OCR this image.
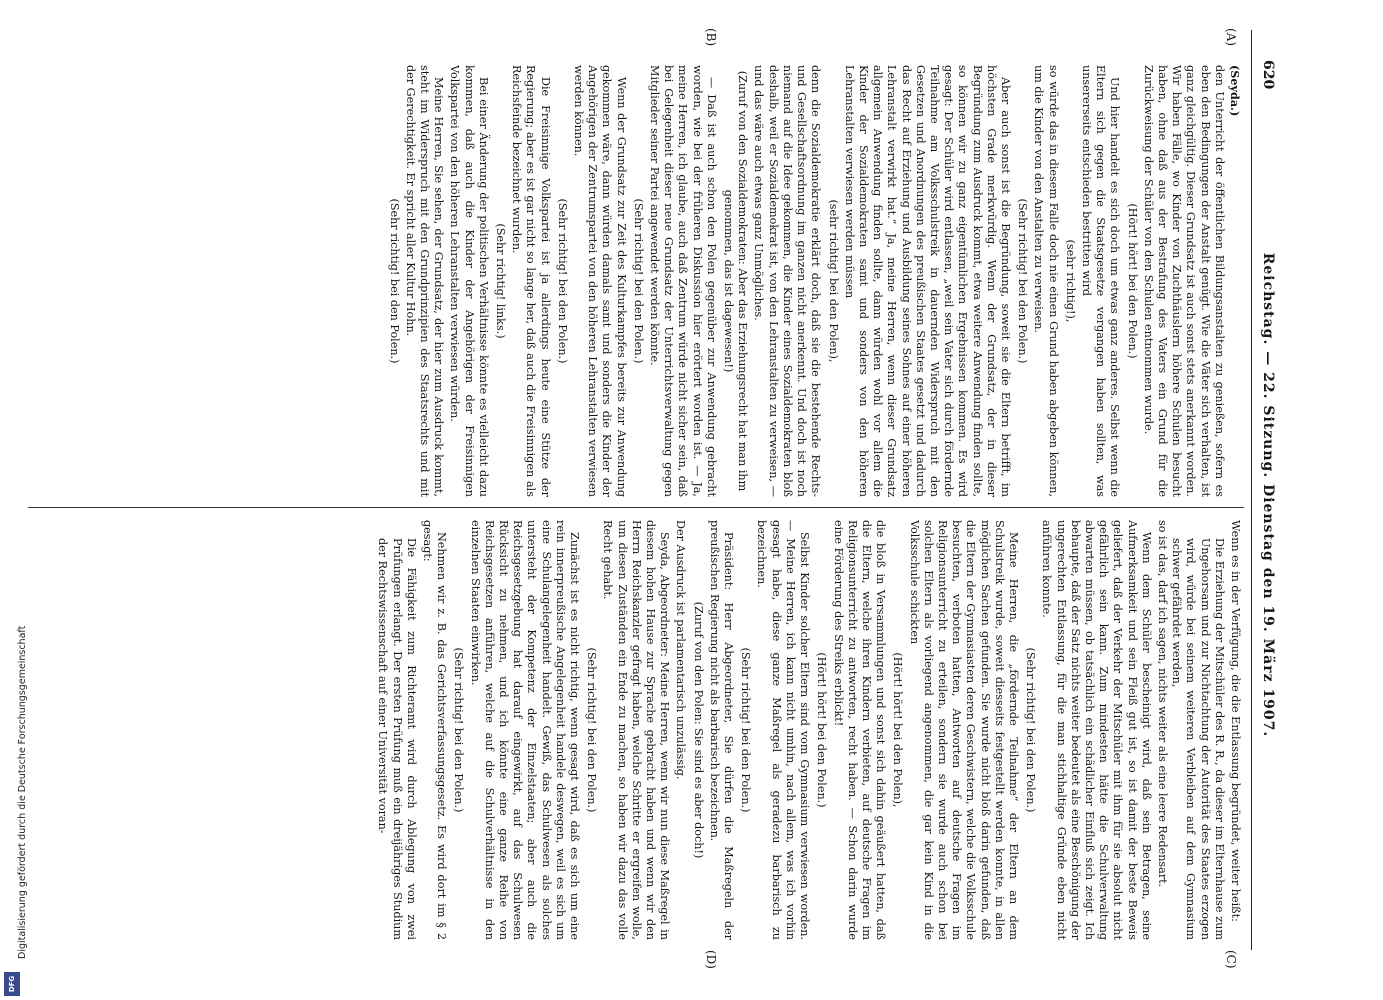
Digitalisierung gefördert durch die Deutsche Forschungsgemeinschaft
DFG
620
Reichstag. — 22. Sitzung. Dienstag den 19. März 1907.
(A)
(B)
(C)
(D)

(Seyda.)

den Unterricht der öffentlichen Bildungsanstalten zu genießen, sofern es eben den Bedingungen der Anstalt genügt. Wie die Väter sich verhalten, ist ganz gleichgültig. Dieser Grundsatz ist auch sonst stets anerkannt worden. Wir haben Fälle, wo Kinder von Zuchthäuslern höhere Schulen besucht haben, ohne daß aus der Bestrafung des Vaters ein Grund für die Zurückweisung der Schüler von den Schulen entnommen wurde.

(Hört! hört! bei den Polen.)

Und hier handelt es sich doch um etwas ganz anderes. Selbst wenn die Eltern sich gegen die Staatsgesetze vergangen haben sollten, was unsererseits entschieden bestritten wird

(sehr richtig!),

so würde das in diesem Falle doch nie einen Grund haben abgeben können, um die Kinder von den Anstalten zu verweisen.

(Sehr richtig! bei den Polen.)

Aber auch sonst ist die Begründung, soweit sie die Eltern betrifft, im höchsten Grade merkwürdig. Wenn der Grundsatz, der in dieser Begründung zum Ausdruck kommt, etwa weitere Anwendung finden sollte, so können wir zu ganz eigentümlichen Ergebnissen kommen. Es wird gesagt: Der Schüler wird entlassen, „weil sein Vater sich durch fördernde Teilnahme am Volksschulstreik in dauernden Widerspruch mit den Gesetzen und Anordnungen des preußischen Staates gesetzt und dadurch das Recht auf Erziehung und Ausbildung seines Sohnes auf einer höheren Lehranstalt verwirkt hat.“ Ja, meine Herren, wenn dieser Grundsatz allgemein Anwendung finden sollte, dann würden wohl vor allem die Kinder der Sozialdemokraten samt und sonders von den höheren Lehranstalten verwiesen werden müssen

(sehr richtig! bei den Polen),

denn die Sozialdemokratie erklärt doch, daß sie die bestehende Rechts- und Gesellschaftsordnung im ganzen nicht anerkennt. Und doch ist noch niemand auf die Idee gekommen, die Kinder eines Sozialdemokraten bloß deshalb, weil er Sozialdemokrat ist, von den Lehranstalten zu verweisen, — und das wäre auch etwas ganz Unmögliches.

(Zuruf von den Sozialdemokraten: Aber das Erziehungsrecht hat man ihm genommen, das ist dagewesen!)

— Daß ist auch schon den Polen gegenüber zur Anwendung gebracht worden, wie bei der früheren Diskussion hier erörtert worden ist. — Ja, meine Herren, ich glaube, auch daß Zentrum würde nicht sicher sein, daß bei Gelegenheit dieser neue Grundsatz der Unterrichtsverwaltung gegen Mitglieder seiner Partei angewendet werden könnte.

(Sehr richtig! bei den Polen.)

Wenn der Grundsatz zur Zeit des Kulturkampfes bereits zur Anwendung gekommen wäre, dann würden damals samt und sonders die Kinder der Angehörigen der Zentrumspartei von den höheren Lehranstalten verwiesen werden können.

(Sehr richtig! bei den Polen.)

Die Freisinnige Volkspartei ist ja allerdings heute eine Stütze der Regierung; aber es ist gar nicht so lange her, daß auch die Freisinnigen als Reichsfeinde bezeichnet wurden.

(Sehr richtig! links.)

Bei einer Änderung der politischen Verhältnisse könnte es vielleicht dazu kommen, daß auch die Kinder der Angehörigen der Freisinnigen Volkspartei von den höheren Lehranstalten verwiesen würden.

Meine Herren, Sie sehen, der Grundsatz, der hier zum Ausdruck kommt, steht im Widerspruch mit den Grundprinzipien des Staatsrechts und mit der Gerechtigkeit. Er spricht aller Kultur Hohn.

(Sehr richtig! bei den Polen.)

Wenn es in der Verfügung, die die Entlassung begründet, weiter heißt:

Die Erziehung der Mitschüler des R. R., da dieser im Elternhause zum Ungehorsam und zur Nichtachtung der Autorität des Staates erzogen wird, würde bei seinem weiteren Verbleiben auf dem Gymnasium schwer gefährdet werden,

so ist das, darf ich sagen, nichts weiter als eine leere Redensart.

Wenn dem Schüler bescheinigt wird, daß sein Betragen, seine Aufmerksamkeit und sein Fleiß gut ist, so ist damit der beste Beweis geliefert, daß der Verkehr der Mitschüler mit ihm für sie absolut nicht gefährlich sein kann. Zum mindesten hätte die Schulverwaltung abwarten müssen, ob tatsächlich ein schädlicher Einfluß sich zeigt. Ich behaupte, daß der Satz nichts weiter bedeutet als eine Beschönigung der ungerechten Entlassung, für die man stichhaltige Gründe eben nicht anführen konnte.

(Sehr richtig! bei den Polen.)

Meine Herren, die „fördernde Teilnahme“ der Eltern an dem Schulstreik wurde, soweit diesseits festgestellt werden konnte, in allen möglichen Sachen gefunden. Sie wurde nicht bloß darin gefunden, daß die Eltern der Gymnasiasten deren Geschwistern, welche die Volksschule besuchten, verboten hatten, Antworten auf deutsche Fragen im Religionsunterricht zu erteilen, sondern sie wurde auch schon bei solchen Eltern als vorliegend angenommen, die gar kein Kind in die Volksschule schickten

(Hört! hört! bei den Polen),

die bloß in Versammlungen und sonst sich dahin geäußert hatten, daß die Eltern, welche ihren Kindern verbieten, auf deutsche Fragen im Religionsunterricht zu antworten, recht haben. — Schon darin wurde eine Förderung des Streiks erblickt!

(Hört! hört! bei den Polen.)

Selbst Kinder solcher Eltern sind vom Gymnasium verwiesen worden. — Meine Herren, ich kann nicht umhin, nach allem, was ich vorhin gesagt habe, diese ganze Maßregel als geradezu barbarisch zu bezeichnen.

(Sehr richtig! bei den Polen.)

Präsident: Herr Abgeordneter, Sie dürfen die Maßregeln der preußischen Regierung nicht als barbarisch bezeichnen.

(Zuruf von den Polen: Sie sind es aber doch!)

Der Ausdruck ist parlamentarisch unzulässig.

Seyda, Abgeordneter: Meine Herren, wenn wir nun diese Maßregel in diesem hohen Hause zur Sprache gebracht haben und wenn wir den Herrn Reichskanzler gefragt haben, welche Schritte er ergreifen wolle, um diesen Zuständen ein Ende zu machen, so haben wir dazu das volle Recht gehabt.

(Sehr richtig! bei den Polen.)

Zunächst ist es nicht richtig, wenn gesagt wird, daß es sich um eine rein innerpreußische Angelegenheit handele deswegen, weil es sich um eine Schulangelegenheit handelt. Gewiß, das Schulwesen als solches untersteht der Kompetenz der Einzelstaaten; aber auch die Reichsgesetzgebung hat darauf eingewirkt, auf das Schulwesen Rücksicht zu nehmen, und ich könnte eine ganze Reihe von Reichsgesetzen anführen, welche auf die Schulverhältnisse in den einzelnen Staaten einwirken.

(Sehr richtig! bei den Polen.)

Nehmen wir z. B. das Gerichtsverfassungsgesetz. Es wird dort im § 2 gesagt:

Die Fähigkeit zum Richteramt wird durch Ablegung von zwei Prüfungen erlangt. Der ersten Prüfung muß ein dreijähriges Studium der Rechtswissenschaft auf einer Universität voran-
